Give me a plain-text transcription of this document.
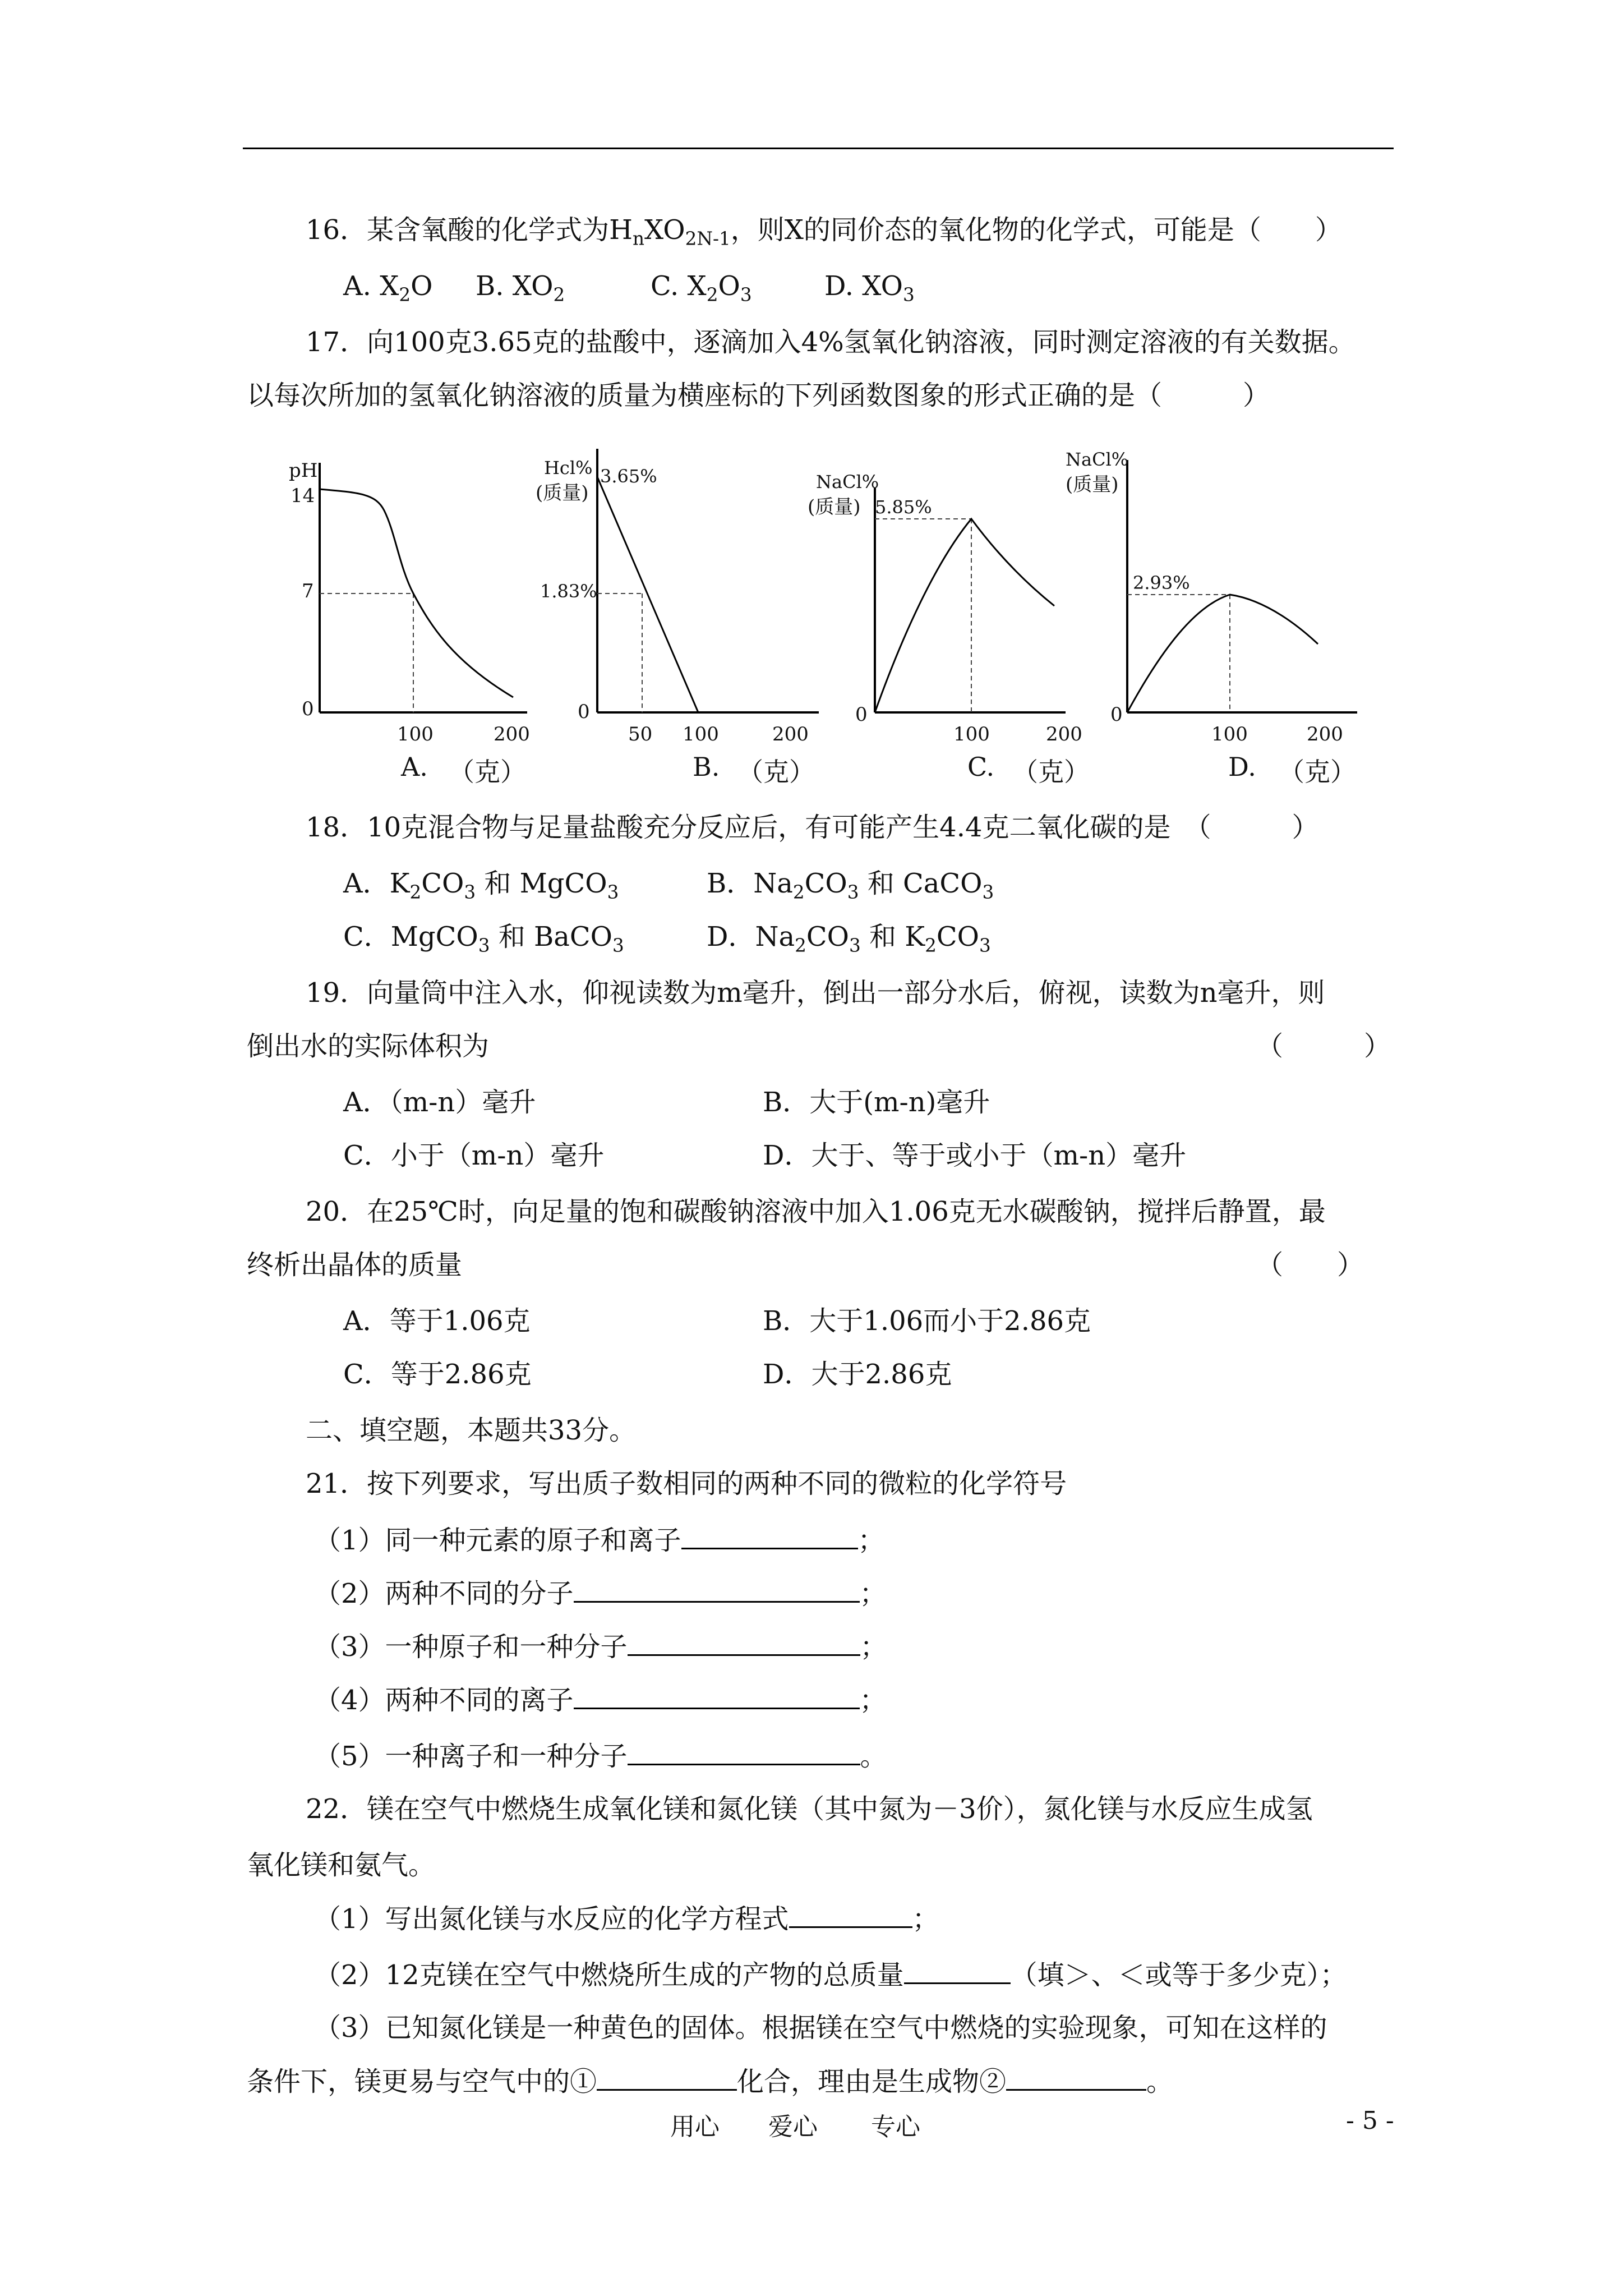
16．某含氧酸的化学式为$H_nXO_{2N-1}$，则X的同价态的氧化物的化学式，可能是（　　）
A. $X_2O$ B. $XO_2$	C. $X_2O_3$	D. $XO_3$
17．向100克3.65克的盐酸中，逐滴加入4%氢氧化钠溶液，同时测定溶液的有关数据。
以每次所加的氢氧化钠溶液的质量为横座标的下列函数图象的形式正确的是（　　　）
pH
14
7
0
100	200
A. （克）
Hcl%
(质量)
3.65%
1.83%
0
50 100	200
B. （克）
NaCl%
(质量) 5.85%
0
100	200
C. （克）
NaCl%
(质量)
2.93%
0
100	200
D. （克）
18．10克混合物与足量盐酸充分反应后，有可能产生4.4克二氧化碳的是　（　　　）
A．$K_2CO_3$ 和 MgCO$_3$	B．$Na_2CO_3$ 和 CaCO$_3$
C．MgCO$_3$ 和 BaCO$_3$	D．$Na_2CO_3$ 和 $K_2CO_3$
19．向量筒中注入水，仰视读数为m毫升，倒出一部分水后，俯视，读数为n毫升，则
倒出水的实际体积为	（　　　）
A．（m-n）毫升	B．大于(m-n)毫升
C．小于（m-n）毫升	D．大于、等于或小于（m-n）毫升
20．在25℃时，向足量的饱和碳酸钠溶液中加入1.06克无水碳酸钠，搅拌后静置，最
终析出晶体的质量	（　　）
A．等于1.06克	B．大于1.06而小于2.86克
C．等于2.86克	D．大于2.86克
二、填空题，本题共33分。
21．按下列要求，写出质子数相同的两种不同的微粒的化学符号
（1）同一种元素的原子和离子	；
（2）两种不同的分子	；
（3）一种原子和一种分子	；
（4）两种不同的离子	；
（5）一种离子和一种分子	。
22．镁在空气中燃烧生成氧化镁和氮化镁（其中氮为－3价），氮化镁与水反应生成氢
氧化镁和氨气。
（1）写出氮化镁与水反应的化学方程式	；
（2）12克镁在空气中燃烧所生成的产物的总质量	（填＞、＜或等于多少克）；
（3）已知氮化镁是一种黄色的固体。根据镁在空气中燃烧的实验现象，可知在这样的
条件下，镁更易与空气中的①	化合，理由是生成物②	。
用心 爱心 专心	- 5 -
